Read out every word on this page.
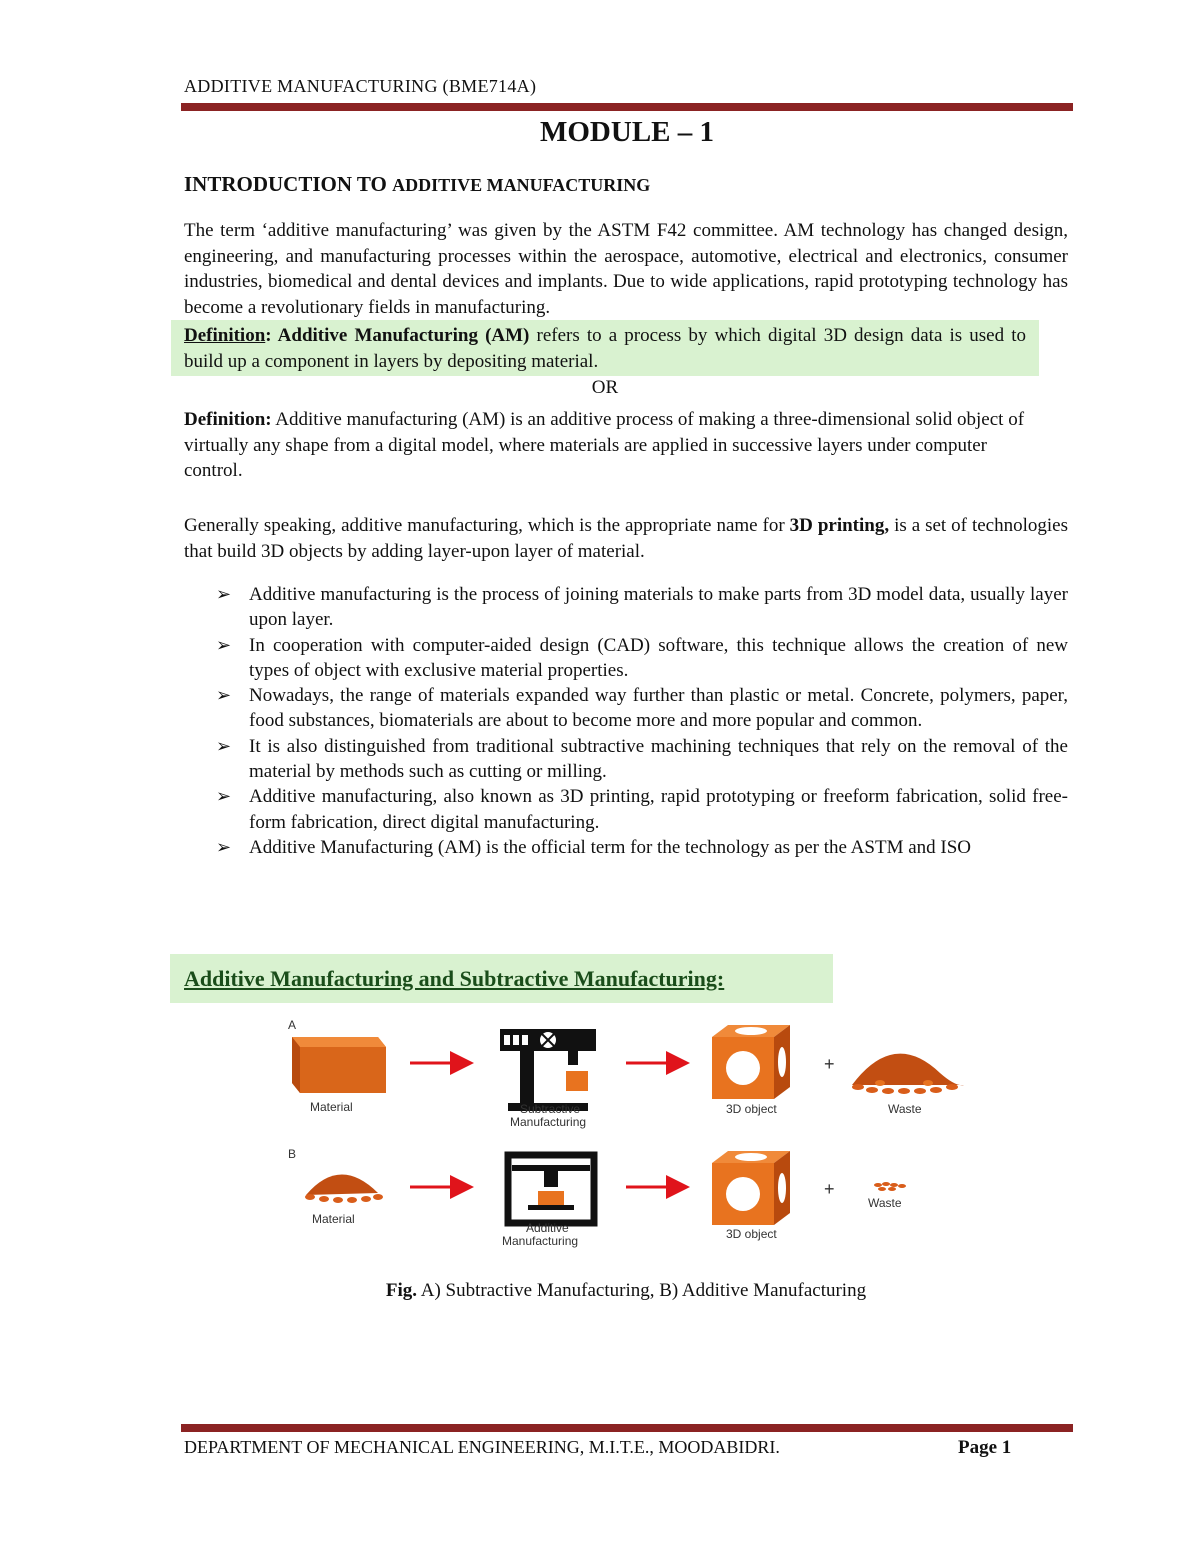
ADDITIVE MANUFACTURING (BME714A)
MODULE – 1
INTRODUCTION TO ADDITIVE MANUFACTURING
The term ‘additive manufacturing’ was given by the ASTM F42 committee. AM technology has changed design, engineering, and manufacturing processes within the aerospace, automotive, electrical and electronics, consumer industries, biomedical and dental devices and implants. Due to wide applications, rapid prototyping technology has become a revolutionary fields in manufacturing.
Definition: Additive Manufacturing (AM) refers to a process by which digital 3D design data is used to build up a component in layers by depositing material.
OR
Definition: Additive manufacturing (AM) is an additive process of making a three-dimensional solid object of virtually any shape from a digital model, where materials are applied in successive layers under computer control.
Generally speaking, additive manufacturing, which is the appropriate name for 3D printing, is a set of technologies that build 3D objects by adding layer-upon layer of material.
➢ Additive manufacturing is the process of joining materials to make parts from 3D model data, usually layer upon layer.
➢ In cooperation with computer-aided design (CAD) software, this technique allows the creation of new types of object with exclusive material properties.
➢ Nowadays, the range of materials expanded way further than plastic or metal. Concrete, polymers, paper, food substances, biomaterials are about to become more and more popular and common.
➢ It is also distinguished from traditional subtractive machining techniques that rely on the removal of the material by methods such as cutting or milling.
➢ Additive manufacturing, also known as 3D printing, rapid prototyping or freeform fabrication, solid free-form fabrication, direct digital manufacturing.
➢ Additive Manufacturing (AM) is the official term for the technology as per the ASTM and ISO
Additive Manufacturing and Subtractive Manufacturing:
A
Material	Subtractive
Manufacturing
3D object
+
Waste
B
Material
Additive
Manufacturing	3D object
+
Waste
Fig. A) Subtractive Manufacturing, B) Additive Manufacturing
DEPARTMENT OF MECHANICAL ENGINEERING, M.I.T.E., MOODABIDRI.	Page 1
